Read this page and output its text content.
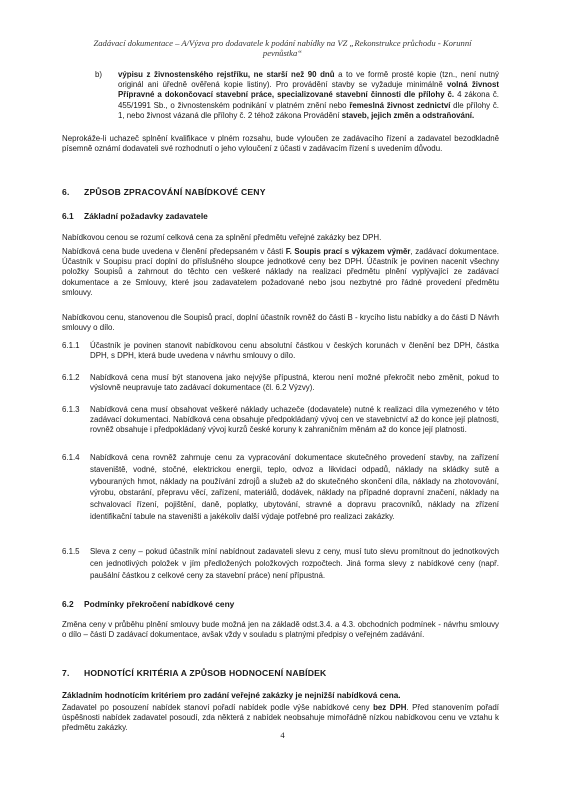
Zadávací dokumentace – A/Výzva pro dodavatele k podání nabídky na VZ „Rekonstrukce průchodu - Korunní
pevnůstka“
b)	výpisu z živnostenského rejstříku, ne starší než 90 dnů a to ve formě prosté kopie (tzn., není nutný originál ani úředně ověřená kopie listiny). Pro provádění stavby se vyžaduje minimálně volná živnost Přípravné a dokončovací stavební práce, specializované stavební činnosti dle přílohy č. 4 zákona č. 455/1991 Sb., o živnostenském podnikání v platném znění nebo řemeslná živnost zednictví dle přílohy č. 1, nebo živnost vázaná dle přílohy č. 2 téhož zákona Provádění staveb, jejich změn a odstraňování.
Neprokáže-li uchazeč splnění kvalifikace v plném rozsahu, bude vyloučen ze zadávacího řízení a zadavatel bezodkladně písemně oznámí dodavateli své rozhodnutí o jeho vyloučení z účasti v zadávacím řízení s uvedením důvodu.
6. ZPŮSOB ZPRACOVÁNÍ NABÍDKOVÉ CENY
6.1 Základní požadavky zadavatele
Nabídkovou cenou se rozumí celková cena za splnění předmětu veřejné zakázky bez DPH.
Nabídková cena bude uvedena v členění předepsaném v části F. Soupis prací s výkazem výměr, zadávací dokumentace. Účastník v Soupisu prací doplní do příslušného sloupce jednotkové ceny bez DPH. Účastník je povinen nacenit všechny položky Soupisů a zahrnout do těchto cen veškeré náklady na realizaci předmětu plnění vyplývající ze zadávací dokumentace a ze Smlouvy, které jsou zadavatelem požadované nebo jsou nezbytné pro řádné provedení předmětu smlouvy.
Nabídkovou cenu, stanovenou dle Soupisů prací, doplní účastník rovněž do části B - krycího listu nabídky a do části D Návrh smlouvy o dílo.
6.1.1	Účastník je povinen stanovit nabídkovou cenu absolutní částkou v českých korunách v členění bez DPH, částka DPH, s DPH, která bude uvedena v návrhu smlouvy o dílo.
6.1.2	Nabídková cena musí být stanovena jako nejvýše přípustná, kterou není možné překročit nebo změnit, pokud to výslovně neupravuje tato zadávací dokumentace (čl. 6.2 Výzvy).
6.1.3	Nabídková cena musí obsahovat veškeré náklady uchazeče (dodavatele) nutné k realizaci díla vymezeného v této zadávací dokumentaci. Nabídková cena obsahuje předpokládaný vývoj cen ve stavebnictví až do konce její platnosti, rovněž obsahuje i předpokládaný vývoj kurzů české koruny k zahraničním měnám až do konce její platnosti.
6.1.4	Nabídková cena rovněž zahrnuje cenu za vypracování dokumentace skutečného provedení stavby, na zařízení staveniště, vodné, stočné, elektrickou energii, teplo, odvoz a likvidaci odpadů, náklady na skládky sutě a vybouraných hmot, náklady na používání zdrojů a služeb až do skutečného skončení díla, náklady na zhotovování, výrobu, obstarání, přepravu věcí, zařízení, materiálů, dodávek, náklady na případné dopravní značení, náklady na schvalovací řízení, pojištění, daně, poplatky, ubytování, stravné a dopravu pracovníků, náklady na zřízení identifikační tabule na staveništi a jakékoliv další výdaje potřebné pro realizaci zakázky.
6.1.5	Sleva z ceny – pokud účastník míní nabídnout zadavateli slevu z ceny, musí tuto slevu promítnout do jednotkových cen jednotlivých položek v jím předložených položkových rozpočtech. Jiná forma slevy z nabídkové ceny (např. paušální částkou z celkové ceny za stavební práce) není přípustná.
6.2 Podmínky překročení nabídkové ceny
Změna ceny v průběhu plnění smlouvy bude možná jen na základě odst.3.4. a 4.3. obchodních podmínek - návrhu smlouvy o dílo – části D zadávací dokumentace, avšak vždy v souladu s platnými předpisy o veřejném zadávání.
7. HODNOTÍCÍ KRITÉRIA A ZPŮSOB HODNOCENÍ NABÍDEK
Základním hodnotícím kritériem pro zadání veřejné zakázky je nejnižší nabídková cena.
Zadavatel po posouzení nabídek stanoví pořadí nabídek podle výše nabídkové ceny bez DPH. Před stanovením pořadí úspěšnosti nabídek zadavatel posoudí, zda některá z nabídek neobsahuje mimořádně nízkou nabídkovou cenu ve vztahu k předmětu zakázky.
4
